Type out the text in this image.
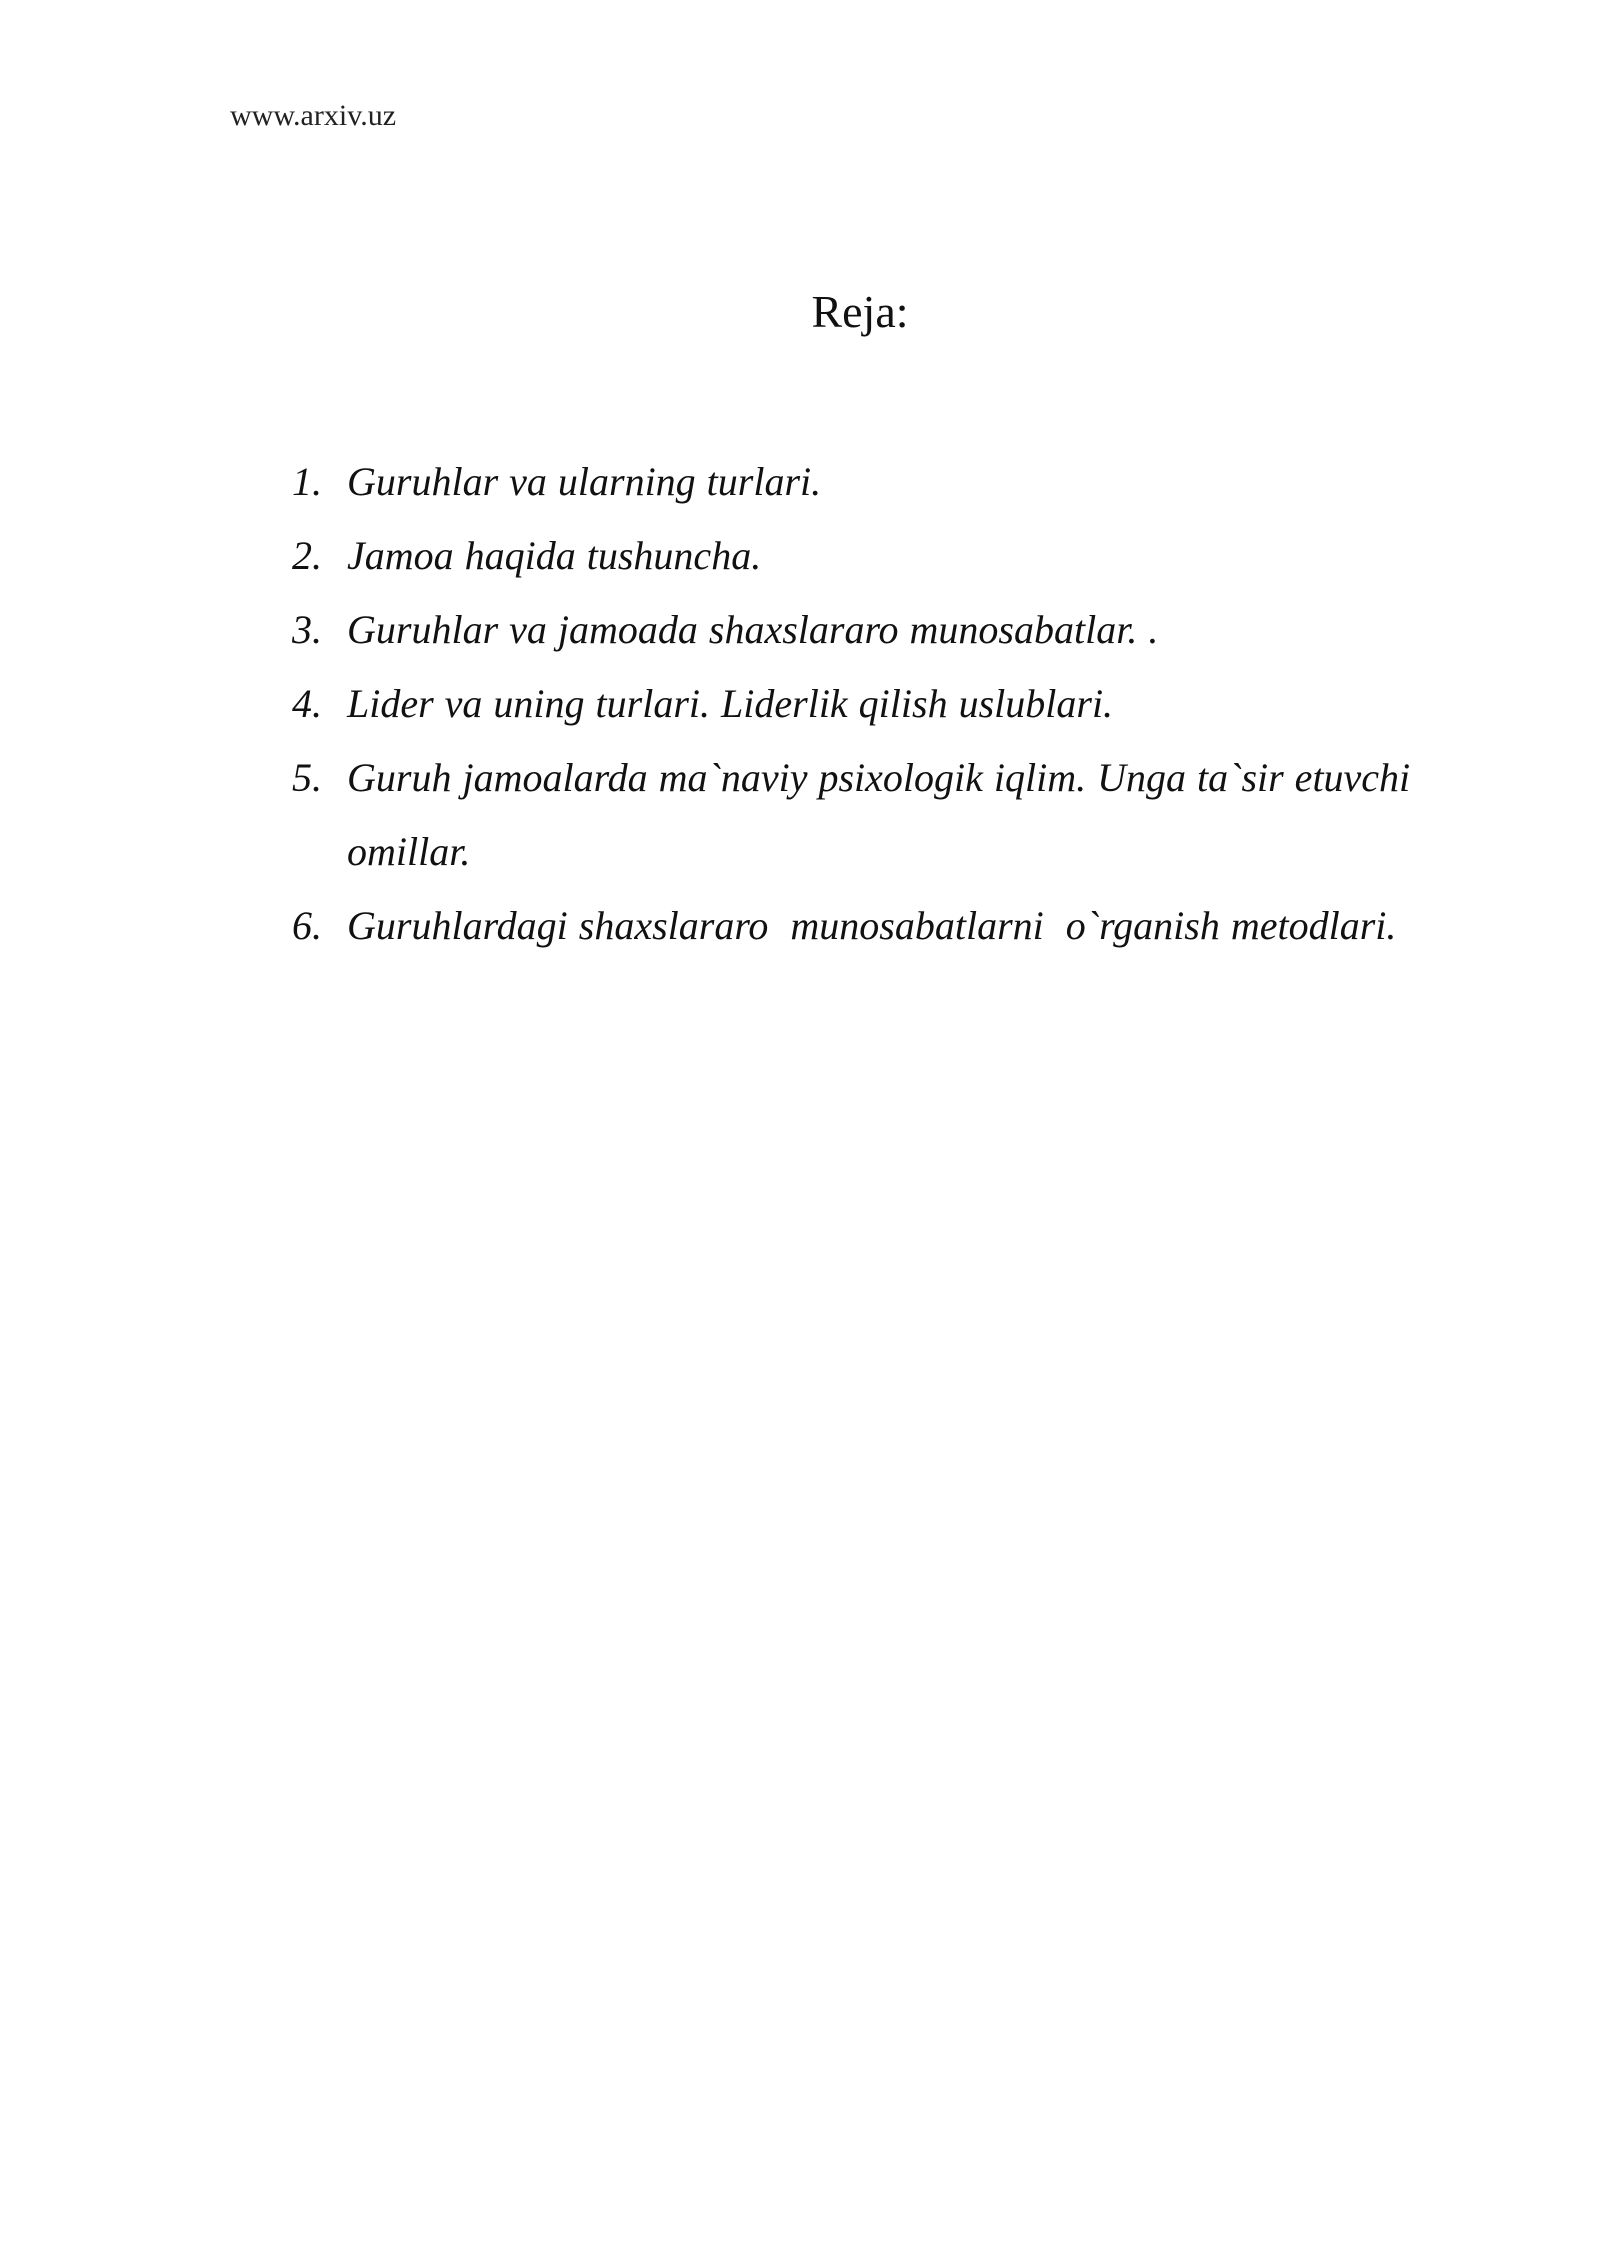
www.arxiv.uz
Reja:
1. Guruhlar va ularning turlari.
2. Jamoa haqida tushuncha.
3. Guruhlar va jamoada shaxslararo munosabatlar. .
4. Lider va uning turlari. Liderlik qilish uslublari.
5. Guruh jamoalarda ma`naviy psixologik iqlim. Unga ta`sir etuvchi omillar.
6. Guruhlardagi shaxslararo  munosabatlarni  o`rganish metodlari.
